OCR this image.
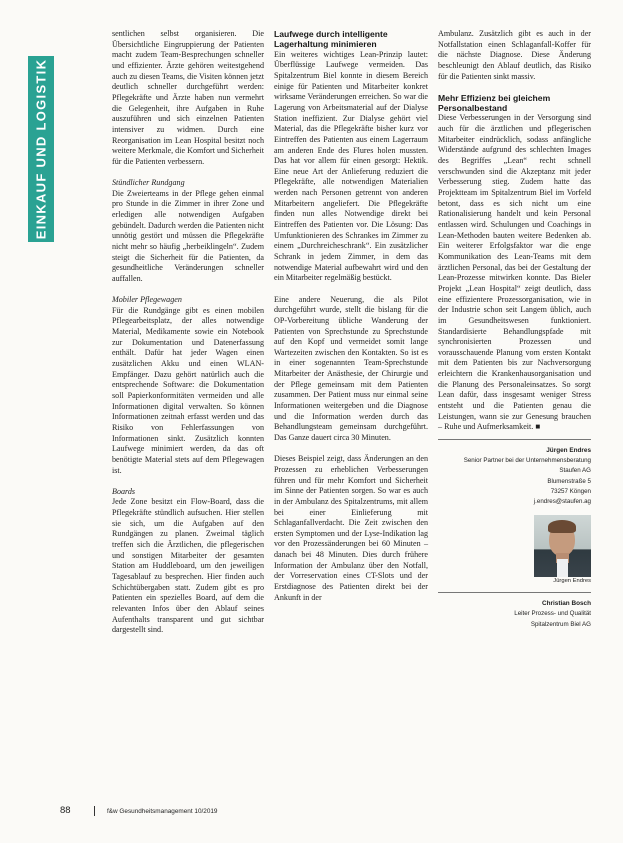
EINKAUF UND LOGISTIK

sentlichen selbst organisieren. Die Übersichtliche Eingruppierung der Patienten macht zudem Team-Besprechungen schneller und effizienter. Ärzte gehören weitestgehend auch zu diesen Teams, die Visiten können jetzt deutlich schneller durchgeführt werden: Pflegekräfte und Ärzte haben nun vermehrt die Gelegenheit, ihre Aufgaben in Ruhe auszuführen und sich einzelnen Patienten intensiver zu widmen. Durch eine Reorganisation im Lean Hospital besitzt noch weitere Merkmale, die Komfort und Sicherheit für die Patienten verbessern.

Stündlicher Rundgang

Die Zweierteams in der Pflege gehen einmal pro Stunde in die Zimmer in ihrer Zone und erledigen alle notwendigen Aufgaben gebündelt. Dadurch werden die Patienten nicht unnötig gestört und müssen die Pflegekräfte nicht mehr so häufig „herbeiklingeln“. Zudem steigt die Sicherheit für die Patienten, da gesundheitliche Veränderungen schneller auffallen.

Mobiler Pflegewagen

Für die Rundgänge gibt es einen mobilen Pflegearbeitsplatz, der alles notwendige Material, Medikamente sowie ein Notebook zur Dokumentation und Datenerfassung enthält. Dafür hat jeder Wagen einen zusätzlichen Akku und einen WLAN-Empfänger. Dazu gehört natürlich auch die entsprechende Software: die Dokumentation soll Papierkonformitäten vermeiden und alle Informationen digital verwalten. So können Informationen zeitnah erfasst werden und das Risiko von Fehlerfassungen von Informationen sinkt. Zusätzlich konnten Laufwege minimiert werden, da das oft benötigte Material stets auf dem Pflegewagen ist.

Boards

Jede Zone besitzt ein Flow-Board, dass die Pflegekräfte stündlich aufsuchen. Hier stellen sie sich, um die Aufgaben auf den Rundgängen zu planen. Zweimal täglich treffen sich die Ärztlichen, die pflegerischen und sonstigen Mitarbeiter der gesamten Station am Huddleboard, um den jeweiligen Tagesablauf zu besprechen. Hier finden auch Schichtübergaben statt. Zudem gibt es pro Patienten ein spezielles Board, auf dem die relevanten Infos über den Ablauf seines Aufenthalts transparent und gut sichtbar dargestellt sind.

Laufwege durch intelligente Lagerhaltung minimieren

Ein weiteres wichtiges Lean-Prinzip lautet: Überflüssige Laufwege vermeiden. Das Spitalzentrum Biel konnte in diesem Bereich einige für Patienten und Mitarbeiter konkret wirksame Veränderungen erreichen. So war die Lagerung von Arbeitsmaterial auf der Dialyse Station ineffizient. Zur Dialyse gehört viel Material, das die Pflegekräfte bisher kurz vor Eintreffen des Patienten aus einem Lagerraum am anderen Ende des Flures holen mussten. Das hat vor allem für einen gesorgt: Hektik. Eine neue Art der Anlieferung reduziert die Pflegekräfte, alle notwendigen Materialien werden nach Personen getrennt von anderen Mitarbeitern angeliefert. Die Pflegekräfte finden nun alles Notwendige direkt bei Eintreffen des Patienten vor. Die Lösung: Das Umfunktionieren des Schrankes im Zimmer zu einem „Durchreicheschrank“. Ein zusätzlicher Schrank in jedem Zimmer, in dem das notwendige Material aufbewahrt wird und den ein Mitarbeiter regelmäßig bestückt.

Eine andere Neuerung, die als Pilot durchgeführt wurde, stellt die bislang für die OP-Vorbereitung übliche Wanderung der Patienten von Sprechstunde zu Sprechstunde auf den Kopf und vermeidet somit lange Wartezeiten zwischen den Kontakten. So ist es in einer sogenannten Team-Sprechstunde Mitarbeiter der Anästhesie, der Chirurgie und der Pflege gemeinsam mit dem Patienten zusammen. Der Patient muss nur einmal seine Informationen weitergeben und die Diagnose und die Information werden durch das Behandlungsteam gemeinsam durchgeführt. Das Ganze dauert circa 30 Minuten.

Dieses Beispiel zeigt, dass Änderungen an den Prozessen zu erheblichen Verbesserungen führen und für mehr Komfort und Sicherheit im Sinne der Patienten sorgen. So war es auch in der Ambulanz des Spitalzentrums, mit allem bei einer Einlieferung mit Schlaganfallverdacht. Die Zeit zwischen den ersten Symptomen und der Lyse-Indikation lag vor den Prozessänderungen bei 60 Minuten – danach bei 48 Minuten. Dies durch frühere Information der Ambulanz über den Notfall, der Vorreservation eines CT-Slots und der Erstdiagnose des Patienten direkt bei der Ankunft in der

Ambulanz. Zusätzlich gibt es auch in der Notfallstation einen Schlaganfall-Koffer für die nächste Diagnose. Diese Änderung beschleunigt den Ablauf deutlich, das Risiko für die Patienten sinkt massiv.

Mehr Effizienz bei gleichem Personalbestand

Diese Verbesserungen in der Versorgung sind auch für die ärztlichen und pflegerischen Mitarbeiter eindrücklich, sodass anfängliche Widerstände aufgrund des schlechten Images des Begriffes „Lean“ recht schnell verschwunden sind die Akzeptanz mit jeder Verbesserung stieg. Zudem hatte das Projektteam im Spitalzentrum Biel im Vorfeld betont, dass es sich nicht um eine Rationalisierung handelt und kein Personal entlassen wird. Schulungen und Coachings in Lean-Methoden bauten weitere Bedenken ab. Ein weiterer Erfolgsfaktor war die enge Kommunikation des Lean-Teams mit dem ärztlichen Personal, das bei der Gestaltung der Lean-Prozesse mitwirken konnte. Das Bieler Projekt „Lean Hospital“ zeigt deutlich, dass eine effizientere Prozessorganisation, wie in der Industrie schon seit Langem üblich, auch im Gesundheitswesen funktioniert. Standardisierte Behandlungspfade mit synchronisierten Prozessen und vorausschauende Planung vom ersten Kontakt mit dem Patienten bis zur Nachversorgung erleichtern die Krankenhausorganisation und die Planung des Personaleinsatzes. So sorgt Lean dafür, dass insgesamt weniger Stress entsteht und die Patienten genau die Leistungen, wann sie zur Genesung brauchen – Ruhe und Aufmerksamkeit. ■

Jürgen Endres
Senior Partner bei der Unternehmensberatung
Staufen AG
Blumenstraße 5
73257 Köngen
j.endres@staufen.ag
Jürgen Endres
Christian Bosch
Leiter Prozess- und Qualität
Spitalzentrum Biel AG
88	f&w Gesundheitsmanagement 10/2019
